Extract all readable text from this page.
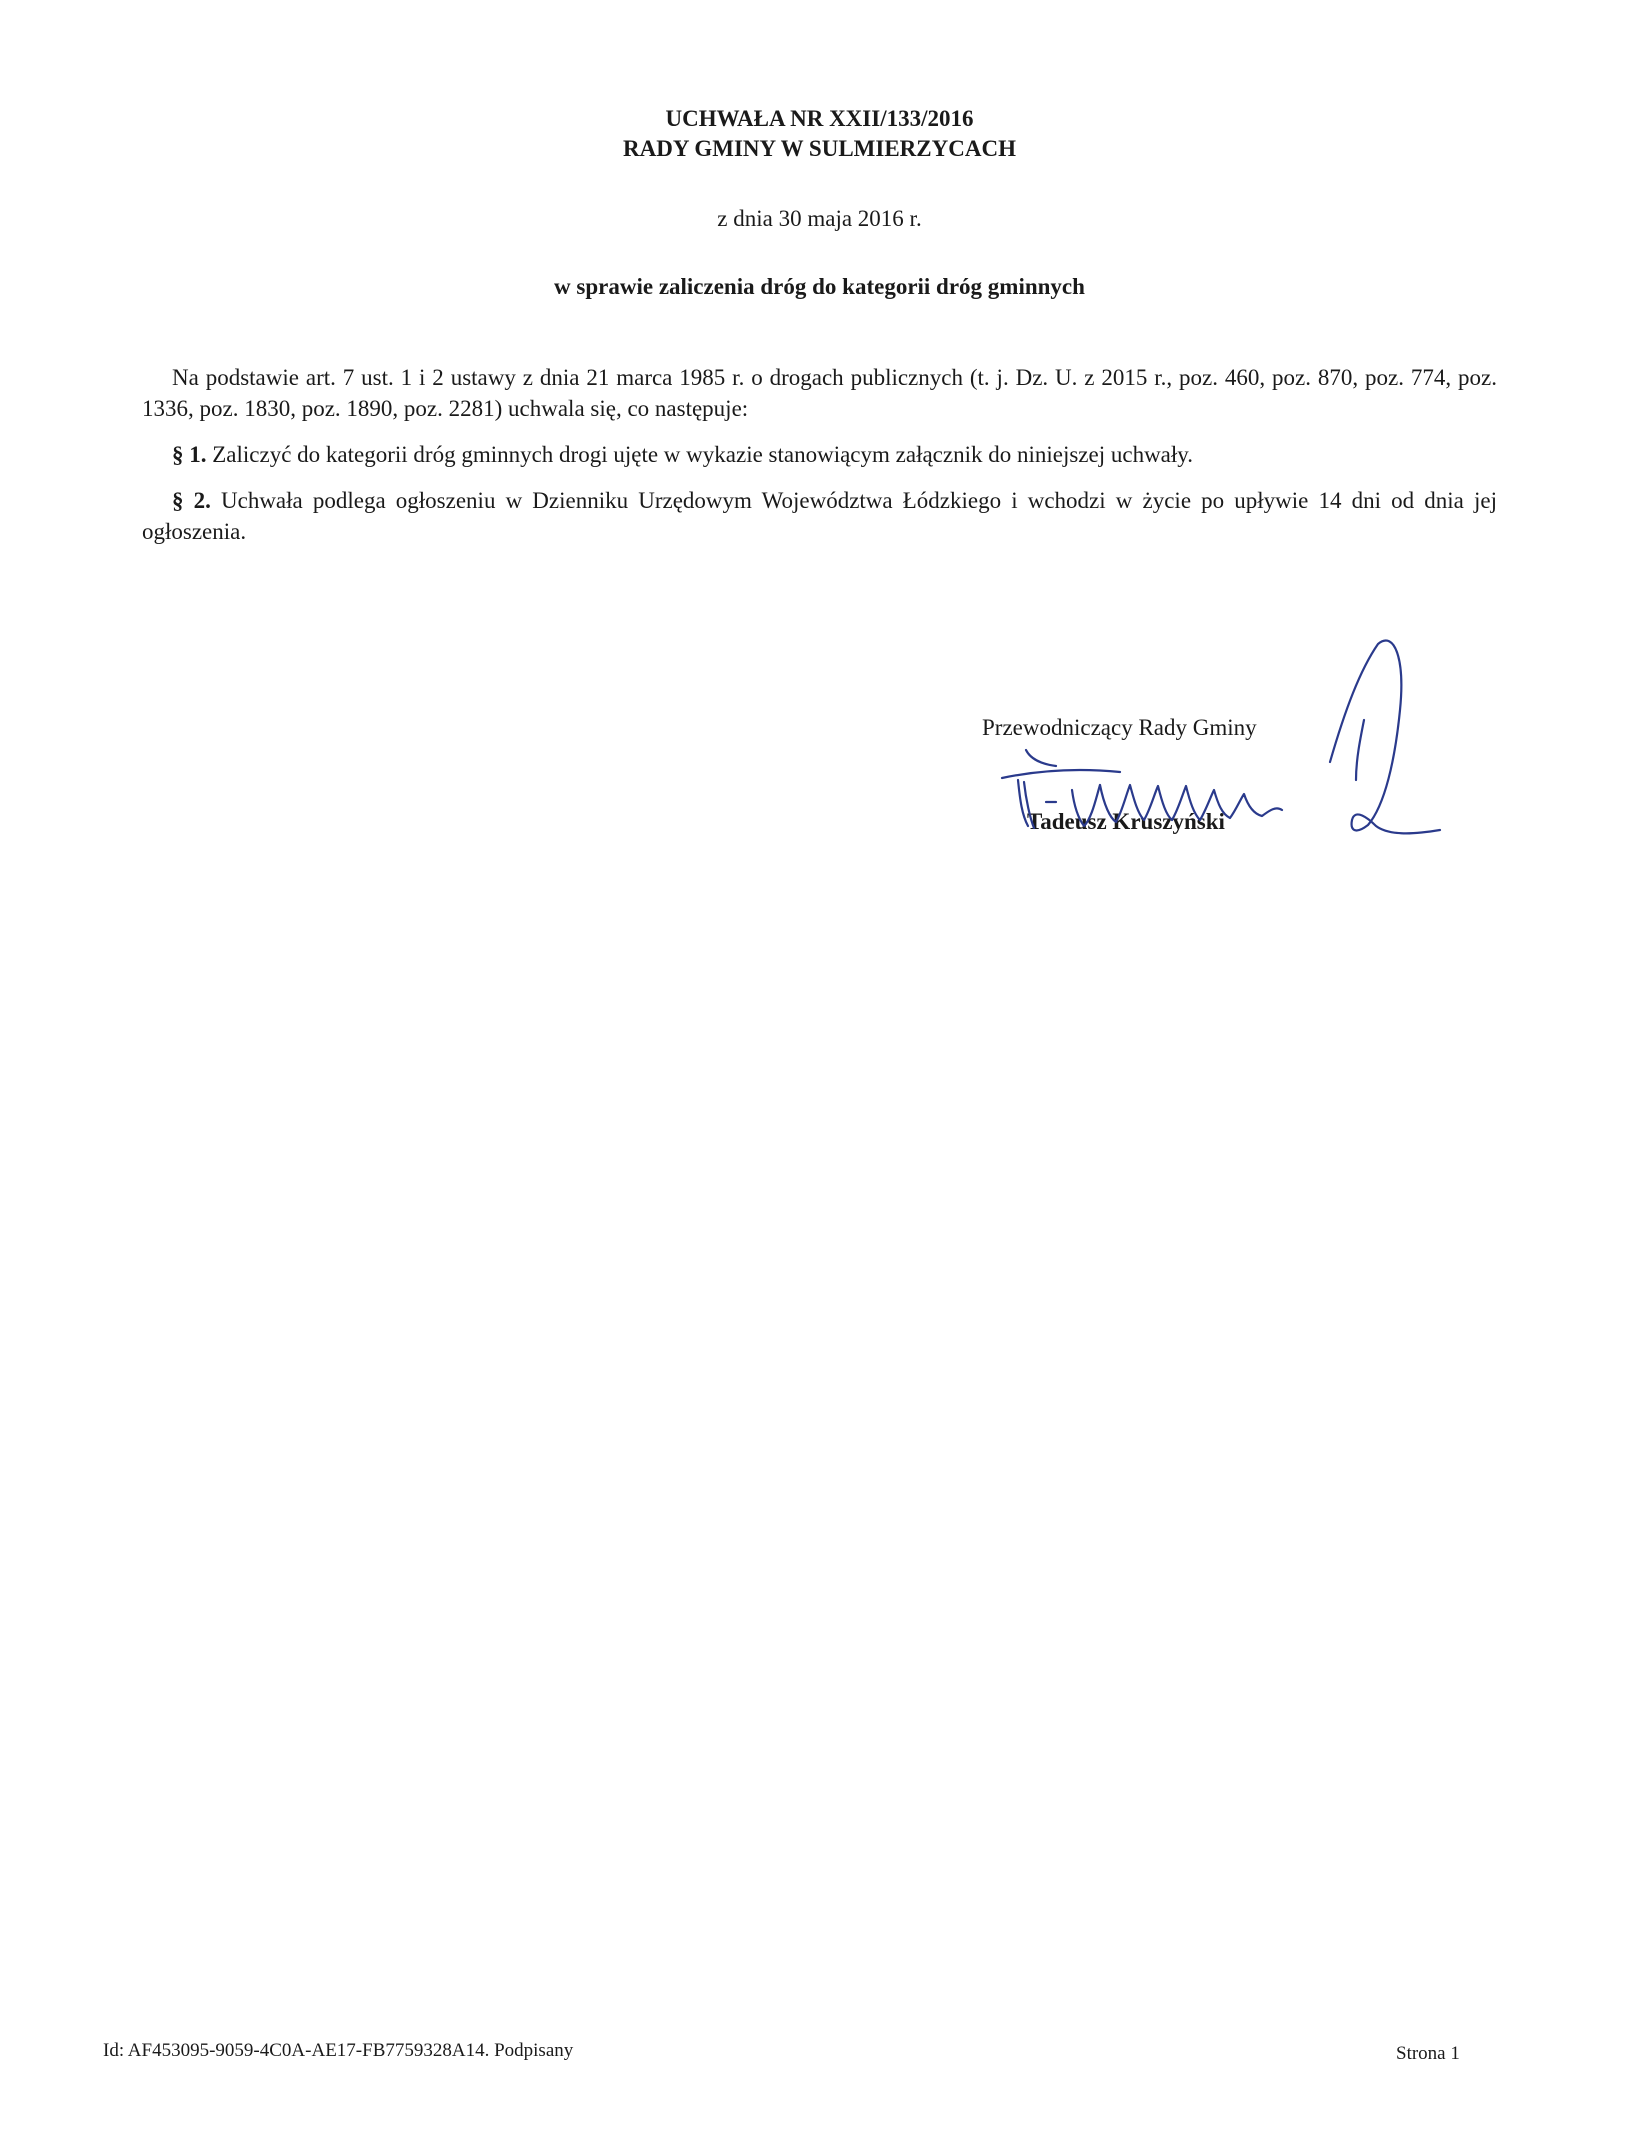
UCHWAŁA NR XXII/133/2016
RADY GMINY W SULMIERZYCACH
z dnia 30 maja 2016 r.
w sprawie zaliczenia dróg do kategorii dróg gminnych
Na podstawie art. 7 ust. 1 i 2 ustawy z dnia 21 marca 1985 r. o drogach publicznych (t. j. Dz. U. z 2015 r., poz. 460, poz. 870, poz. 774, poz. 1336, poz. 1830, poz. 1890, poz. 2281) uchwala się, co następuje:
§ 1. Zaliczyć do kategorii dróg gminnych drogi ujęte w wykazie stanowiącym załącznik do niniejszej uchwały.
§ 2. Uchwała podlega ogłoszeniu w Dzienniku Urzędowym Województwa Łódzkiego i wchodzi w życie po upływie 14 dni od dnia jej ogłoszenia.
Przewodniczący Rady Gminy
Tadeusz Kruszyński
Id: AF453095-9059-4C0A-AE17-FB7759328A14. Podpisany	Strona 1
